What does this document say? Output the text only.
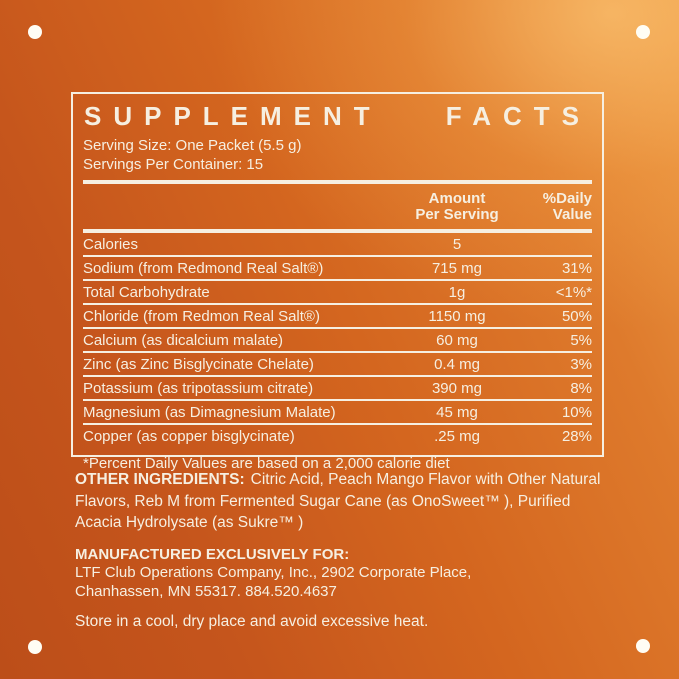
SUPPLEMENT FACTS
Serving Size: One Packet (5.5 g)
Servings Per Container: 15
Amount
Per Serving
%Daily
Value
Calories	5
Sodium (from Redmond Real Salt®)	715 mg	31%
Total Carbohydrate	1g	<1%*
Chloride (from Redmon Real Salt®)	1150 mg	50%
Calcium (as dicalcium malate)	60 mg	5%
Zinc (as Zinc Bisglycinate Chelate)	0.4 mg	3%
Potassium (as tripotassium citrate)	390 mg	8%
Magnesium (as Dimagnesium Malate)	45 mg	10%
Copper (as copper bisglycinate)	.25 mg	28%
*Percent Daily Values are based on a 2,000 calorie diet
OTHER INGREDIENTS: Citric Acid, Peach Mango Flavor with Other Natural Flavors, Reb M from Fermented Sugar Cane (as OnoSweet™ ), Purified Acacia Hydrolysate (as Sukre™ )
MANUFACTURED EXCLUSIVELY FOR:
LTF Club Operations Company, Inc., 2902 Corporate Place,
Chanhassen, MN 55317. 884.520.4637
Store in a cool, dry place and avoid excessive heat.
